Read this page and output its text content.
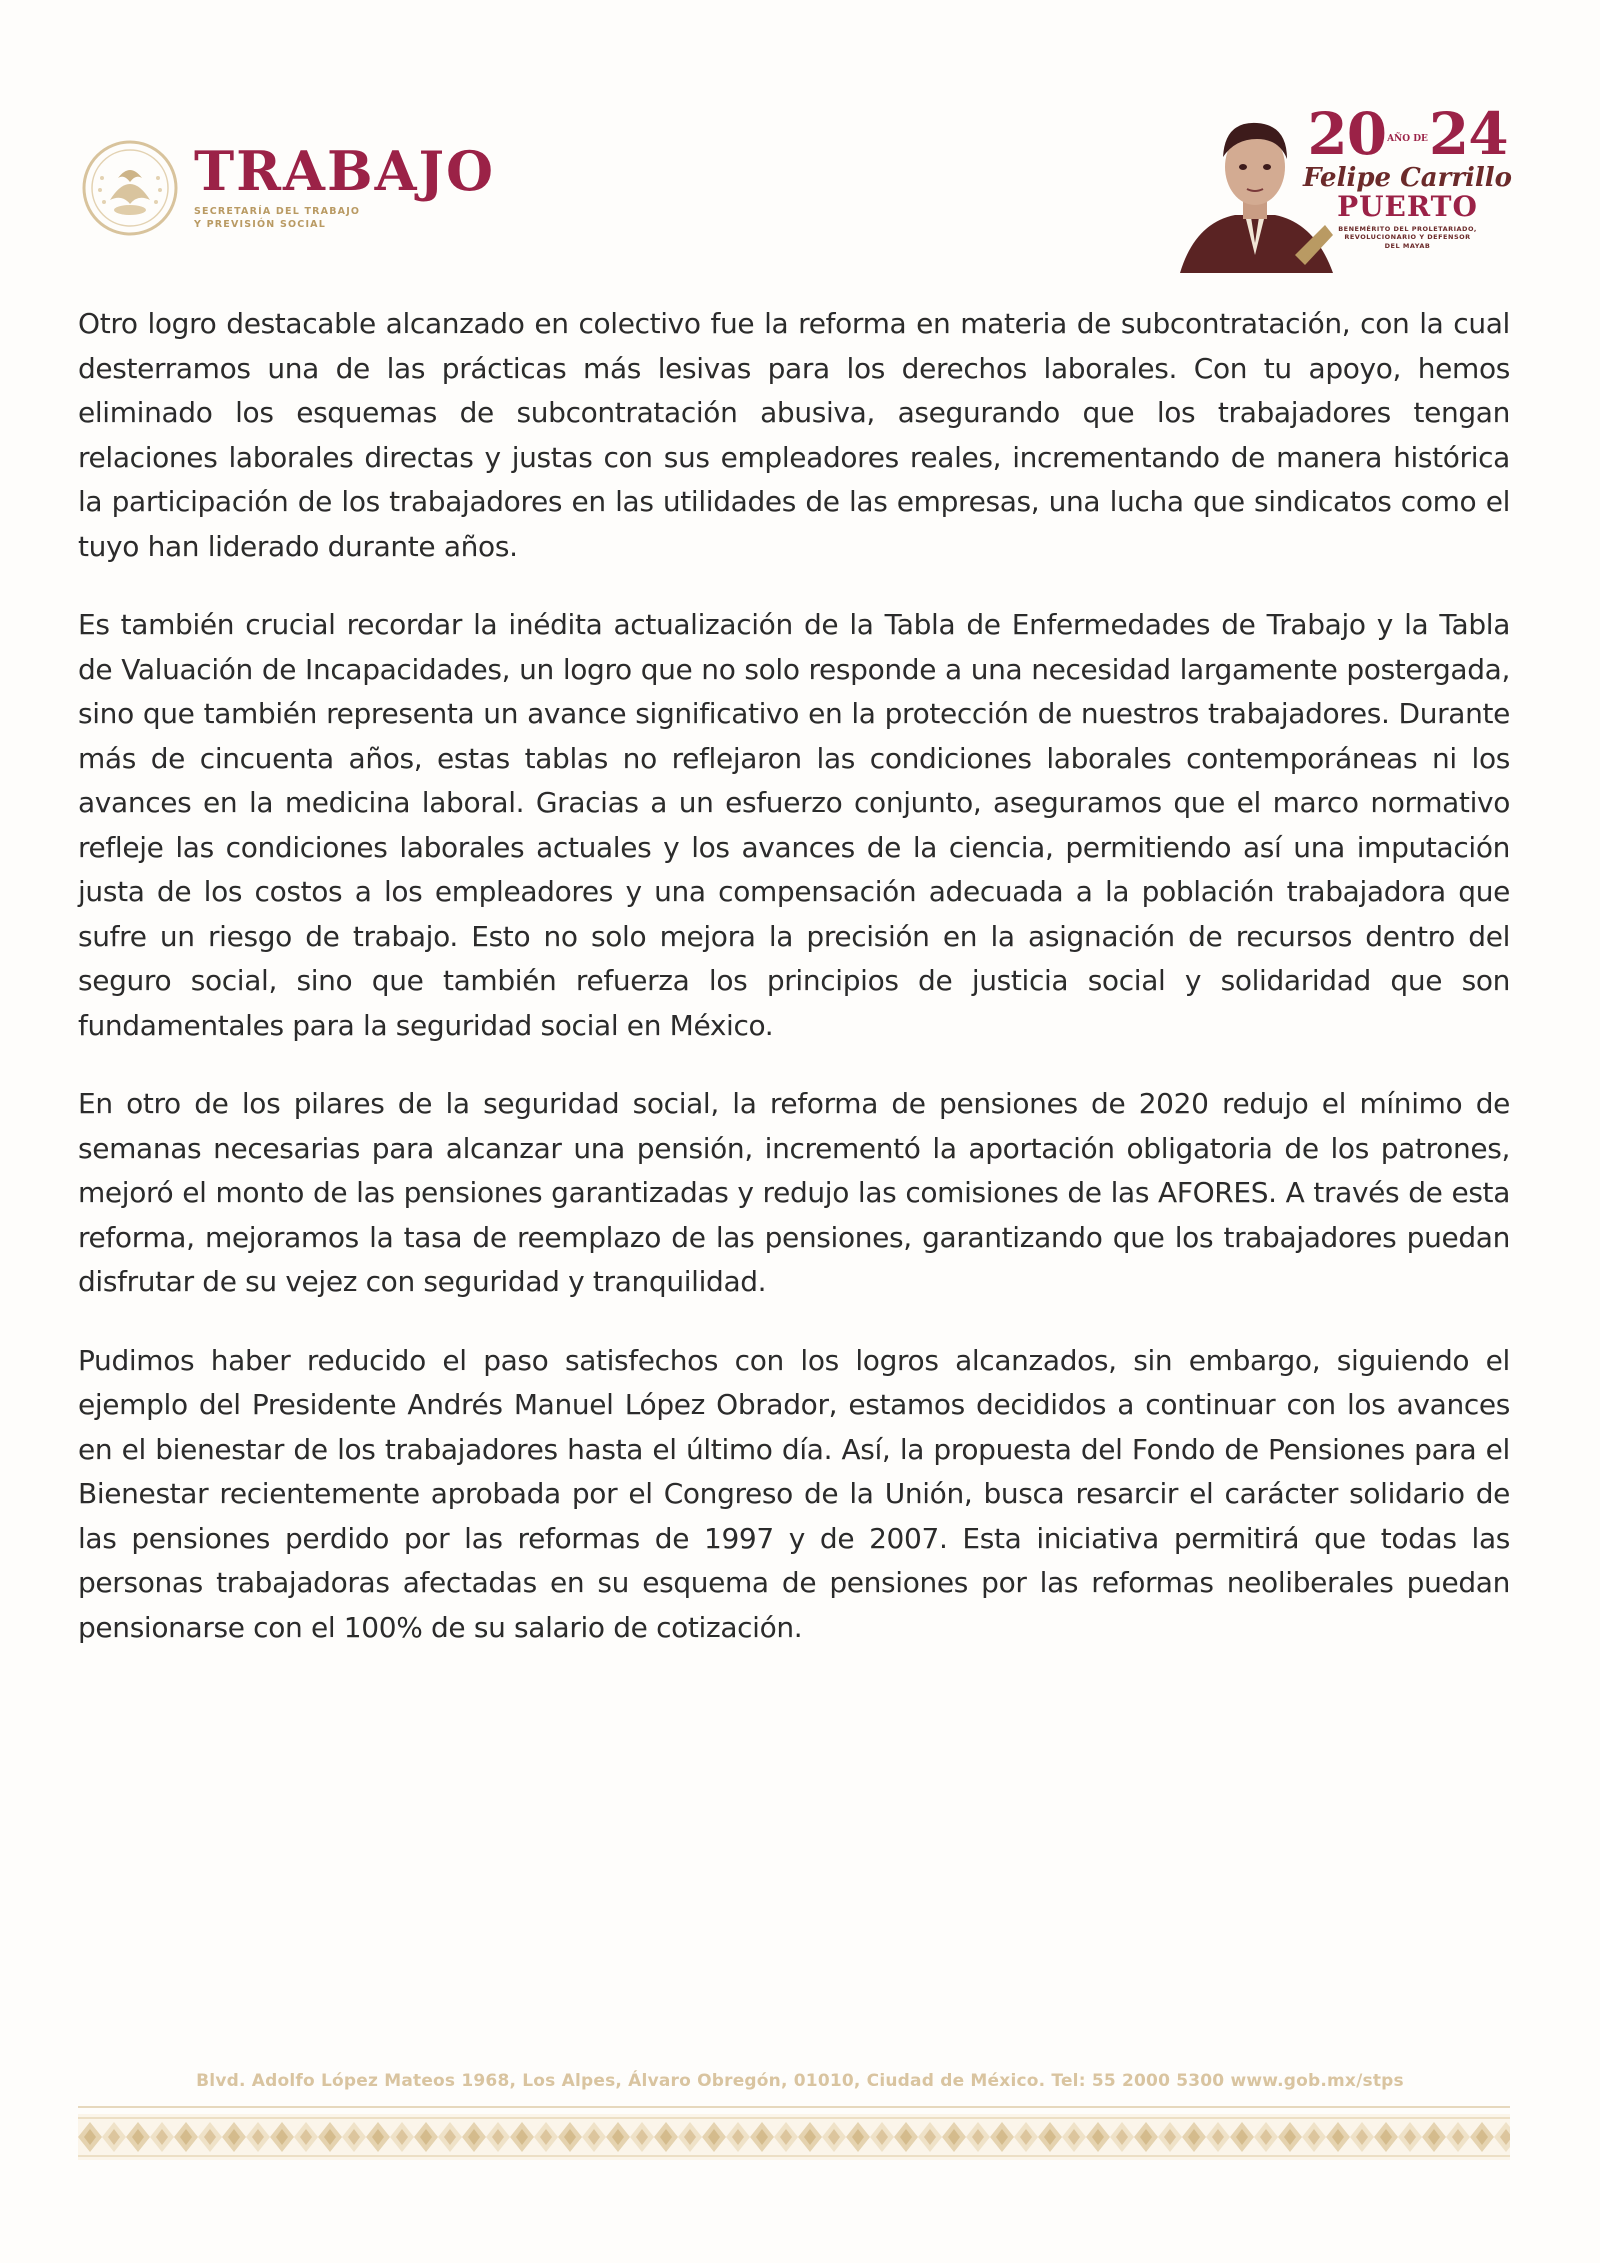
TRABAJO
SECRETARÍA DEL TRABAJO
Y PREVISIÓN SOCIAL
20AÑO DE24
Felipe Carrillo
PUERTO
BENEMÉRITO DEL PROLETARIADO,
REVOLUCIONARIO Y DEFENSOR
DEL MAYAB

Otro logro destacable alcanzado en colectivo fue la reforma en materia de subcontratación, con la cual desterramos una de las prácticas más lesivas para los derechos laborales. Con tu apoyo, hemos eliminado los esquemas de subcontratación abusiva, asegurando que los trabajadores tengan relaciones laborales directas y justas con sus empleadores reales, incrementando de manera histórica la participación de los trabajadores en las utilidades de las empresas, una lucha que sindicatos como el tuyo han liderado durante años.

Es también crucial recordar la inédita actualización de la Tabla de Enfermedades de Trabajo y la Tabla de Valuación de Incapacidades, un logro que no solo responde a una necesidad largamente postergada, sino que también representa un avance significativo en la protección de nuestros trabajadores. Durante más de cincuenta años, estas tablas no reflejaron las condiciones laborales contemporáneas ni los avances en la medicina laboral. Gracias a un esfuerzo conjunto, aseguramos que el marco normativo refleje las condiciones laborales actuales y los avances de la ciencia, permitiendo así una imputación justa de los costos a los empleadores y una compensación adecuada a la población trabajadora que sufre un riesgo de trabajo. Esto no solo mejora la precisión en la asignación de recursos dentro del seguro social, sino que también refuerza los principios de justicia social y solidaridad que son fundamentales para la seguridad social en México.

En otro de los pilares de la seguridad social, la reforma de pensiones de 2020 redujo el mínimo de semanas necesarias para alcanzar una pensión, incrementó la aportación obligatoria de los patrones, mejoró el monto de las pensiones garantizadas y redujo las comisiones de las AFORES. A través de esta reforma, mejoramos la tasa de reemplazo de las pensiones, garantizando que los trabajadores puedan disfrutar de su vejez con seguridad y tranquilidad.

Pudimos haber reducido el paso satisfechos con los logros alcanzados, sin embargo, siguiendo el ejemplo del Presidente Andrés Manuel López Obrador, estamos decididos a continuar con los avances en el bienestar de los trabajadores hasta el último día. Así, la propuesta del Fondo de Pensiones para el Bienestar recientemente aprobada por el Congreso de la Unión, busca resarcir el carácter solidario de las pensiones perdido por las reformas de 1997 y de 2007. Esta iniciativa permitirá que todas las personas trabajadoras afectadas en su esquema de pensiones por las reformas neoliberales puedan pensionarse con el 100% de su salario de cotización.

Blvd. Adolfo López Mateos 1968, Los Alpes, Álvaro Obregón, 01010, Ciudad de México. Tel: 55 2000 5300 www.gob.mx/stps
